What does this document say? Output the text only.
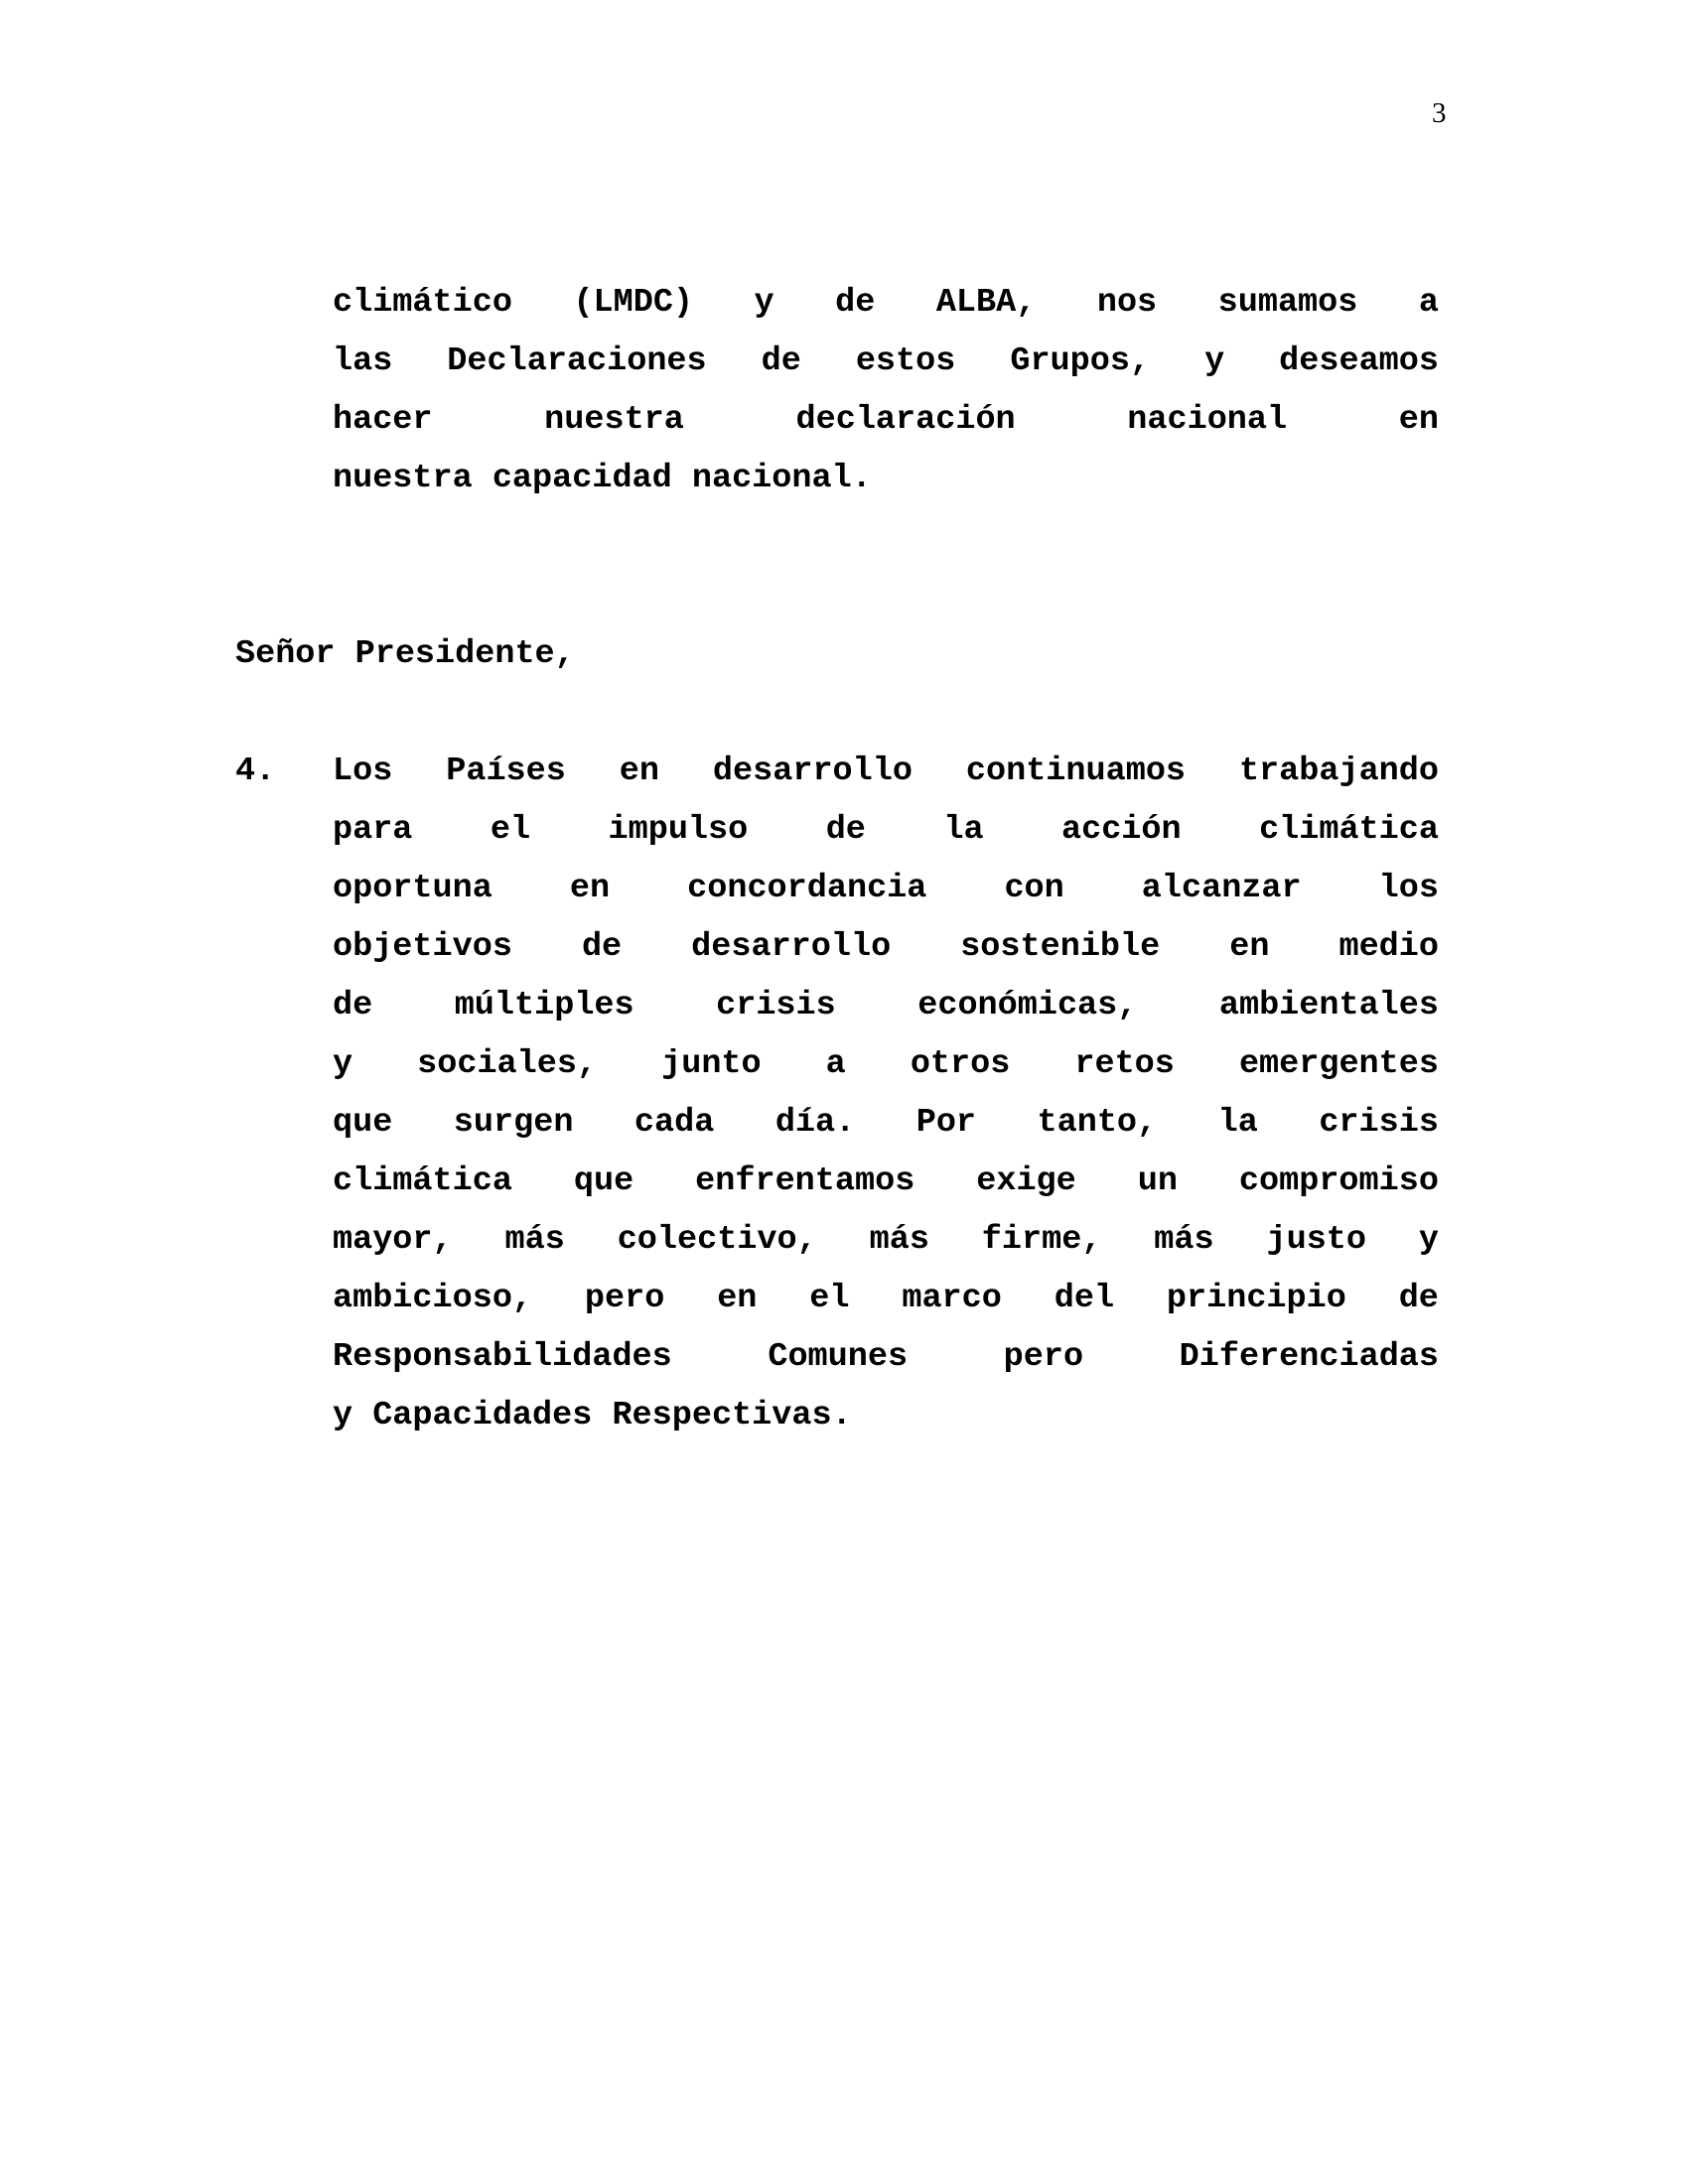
3
climático (LMDC) y de ALBA, nos sumamos a
las Declaraciones de estos Grupos, y deseamos
hacer	nuestra	declaración	nacional	en
nuestra capacidad nacional.
Señor Presidente,
4. Los Países en desarrollo continuamos trabajando
para el impulso de la acción climática
oportuna en concordancia con alcanzar los
objetivos de desarrollo sostenible en medio
de múltiples crisis económicas, ambientales
y sociales, junto a otros retos emergentes
que surgen cada día. Por tanto, la crisis
climática que enfrentamos exige un compromiso
mayor, más colectivo, más firme, más justo y
ambicioso, pero en el marco del principio de
Responsabilidades	Comunes	pero	Diferenciadas
y Capacidades Respectivas.
